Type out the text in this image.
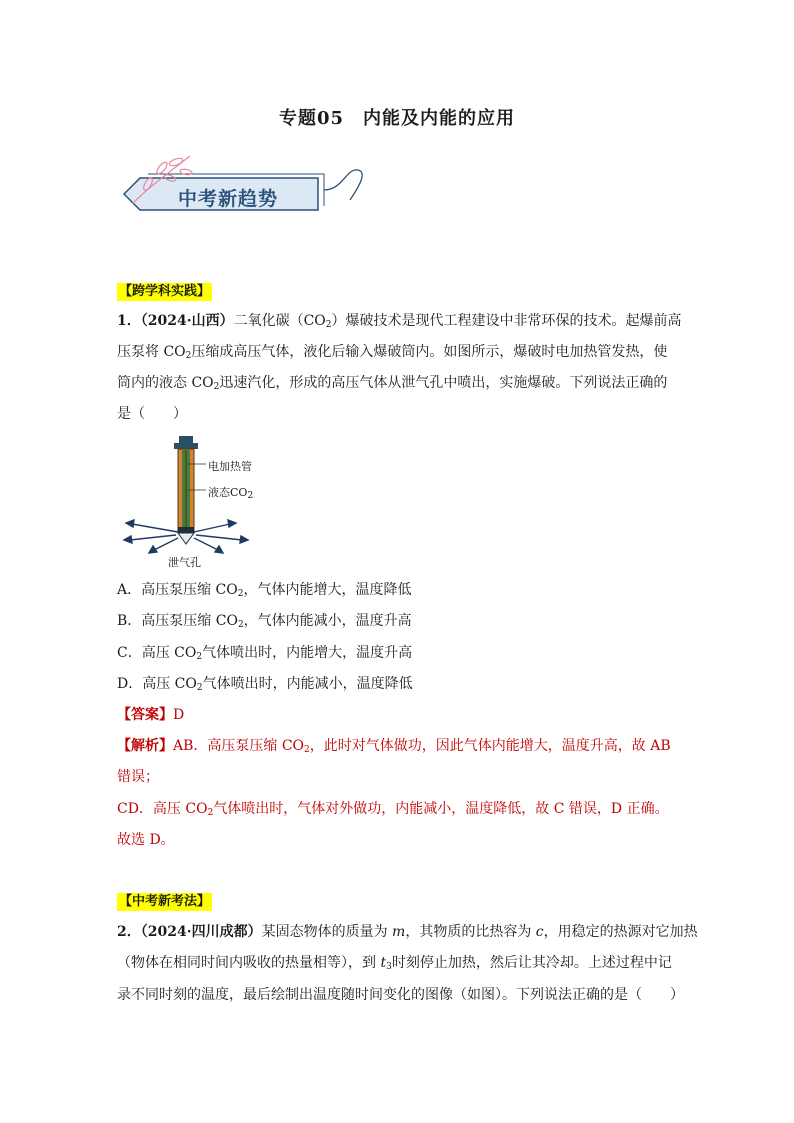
专题05　内能及内能的应用
中考新趋势
【跨学科实践】
1．（2024·山西）二氧化碳$(CO_2)$爆破技术是现代工程建设中非常环保的技术。起爆前高
压泵将 $CO_2$压缩成高压气体，液化后输入爆破筒内。如图所示，爆破时电加热管发热，使
筒内的液态 $CO_2$迅速汽化，形成的高压气体从泄气孔中喷出，实施爆破。下列说法正确的
是（　　）
电加热管
液态$CO_2$
泄气孔
A．高压泵压缩 $CO_2$，气体内能增大，温度降低
B．高压泵压缩 $CO_2$，气体内能减小，温度升高
C．高压 $CO_2$气体喷出时，内能增大，温度升高
D．高压 $CO_2$气体喷出时，内能减小，温度降低
【答案】D
【解析】AB．高压泵压缩 $CO_2$，此时对气体做功，因此气体内能增大，温度升高，故 AB
错误；
CD．高压 $CO_2$气体喷出时，气体对外做功，内能减小，温度降低，故 C 错误，D 正确。
故选 D。
【中考新考法】
2．（2024·四川成都）某固态物体的质量为 m，其物质的比热容为 c，用稳定的热源对它加热
（物体在相同时间内吸收的热量相等），到 $t_3$时刻停止加热，然后让其冷却。上述过程中记
录不同时刻的温度，最后绘制出温度随时间变化的图像（如图）。下列说法正确的是（　　）
